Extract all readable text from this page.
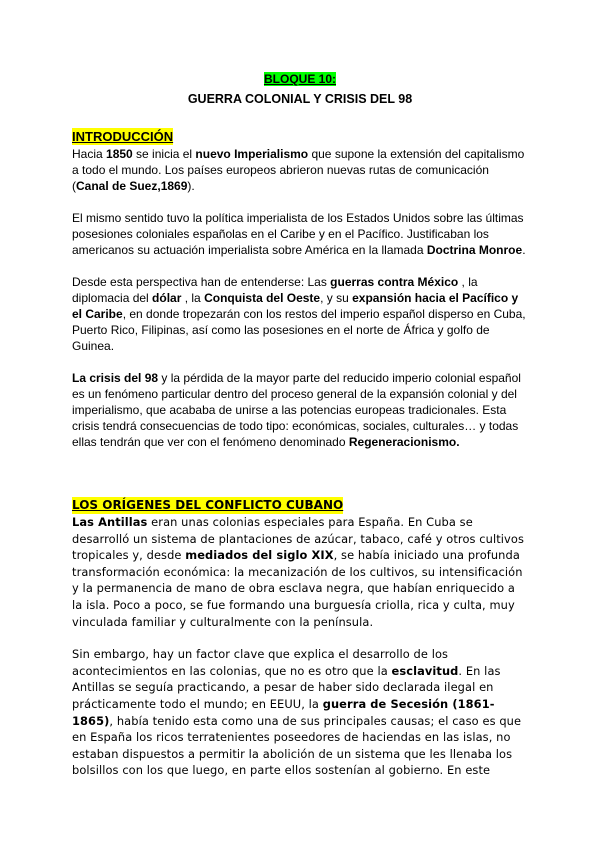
BLOQUE 10:
GUERRA COLONIAL Y CRISIS DEL 98
INTRODUCCIÓN

Hacia 1850 se inicia el nuevo Imperialismo que supone la extensión del capitalismo a todo el mundo. Los países europeos abrieron nuevas rutas de comunicación (Canal de Suez,1869).

El mismo sentido tuvo la política imperialista de los Estados Unidos sobre las últimas posesiones coloniales españolas en el Caribe y en el Pacífico. Justificaban los americanos su actuación imperialista sobre América en la llamada Doctrina Monroe.

Desde esta perspectiva han de entenderse: Las guerras contra México , la diplomacia del dólar , la Conquista del Oeste, y su expansión hacia el Pacífico y el Caribe, en donde tropezarán con los restos del imperio español disperso en Cuba, Puerto Rico, Filipinas, así como las posesiones en el norte de África y golfo de Guinea.

La crisis del 98 y la pérdida de la mayor parte del reducido imperio colonial español es un fenómeno particular dentro del proceso general de la expansión colonial y del imperialismo, que acababa de unirse a las potencias europeas tradicionales. Esta crisis tendrá consecuencias de todo tipo: económicas, sociales, culturales… y todas ellas tendrán que ver con el fenómeno denominado Regeneracionismo.

LOS ORÍGENES DEL CONFLICTO CUBANO

Las Antillas eran unas colonias especiales para España. En Cuba se desarrolló un sistema de plantaciones de azúcar, tabaco, café y otros cultivos tropicales y, desde mediados del siglo XIX, se había iniciado una profunda transformación económica: la mecanización de los cultivos, su intensificación y la permanencia de mano de obra esclava negra, que habían enriquecido a la isla. Poco a poco, se fue formando una burguesía criolla, rica y culta, muy vinculada familiar y culturalmente con la península.

Sin embargo, hay un factor clave que explica el desarrollo de los acontecimientos en las colonias, que no es otro que la esclavitud. En las Antillas se seguía practicando, a pesar de haber sido declarada ilegal en prácticamente todo el mundo; en EEUU, la guerra de Secesión (1861-1865), había tenido esta como una de sus principales causas; el caso es que en España los ricos terratenientes poseedores de haciendas en las islas, no estaban dispuestos a permitir la abolición de un sistema que les llenaba los bolsillos con los que luego, en parte ellos sostenían al gobierno. En este
